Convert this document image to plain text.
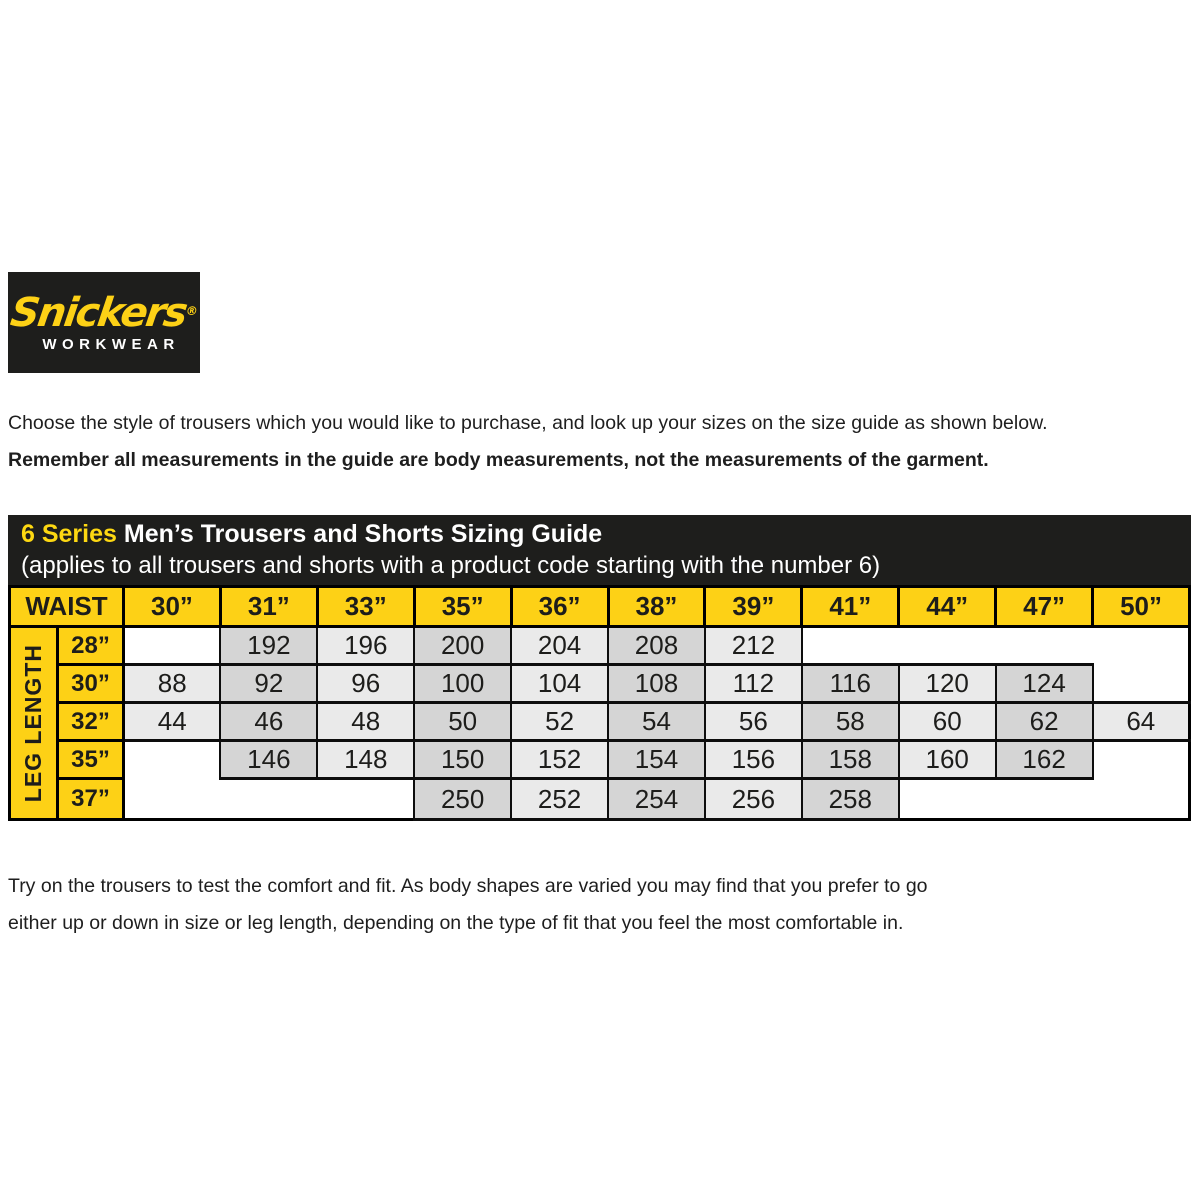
Snickers®
WORKWEAR
Choose the style of trousers which you would like to purchase, and look up your sizes on the size guide as shown below.
Remember all measurements in the guide are body measurements, not the measurements of the garment.
6 Series Men’s Trousers and Shorts Sizing Guide
(applies to all trousers and shorts with a product code starting with the number 6)
WAIST		30”	31”	33”	35”	36”	38”	39”	41”	44”	47”	50”

LEG LENGTH	28”		192	196	200	204	208	212				
	30”	88	92	96	100	104	108	112	116	120	124	
	32”	44	46	48	50	52	54	56	58	60	62	64
	35”		146	148	150	152	154	156	158	160	162	
	37”				250	252	254	256	258			
Try on the trousers to test the comfort and fit. As body shapes are varied you may find that you prefer to go
either up or down in size or leg length, depending on the type of fit that you feel the most comfortable in.
